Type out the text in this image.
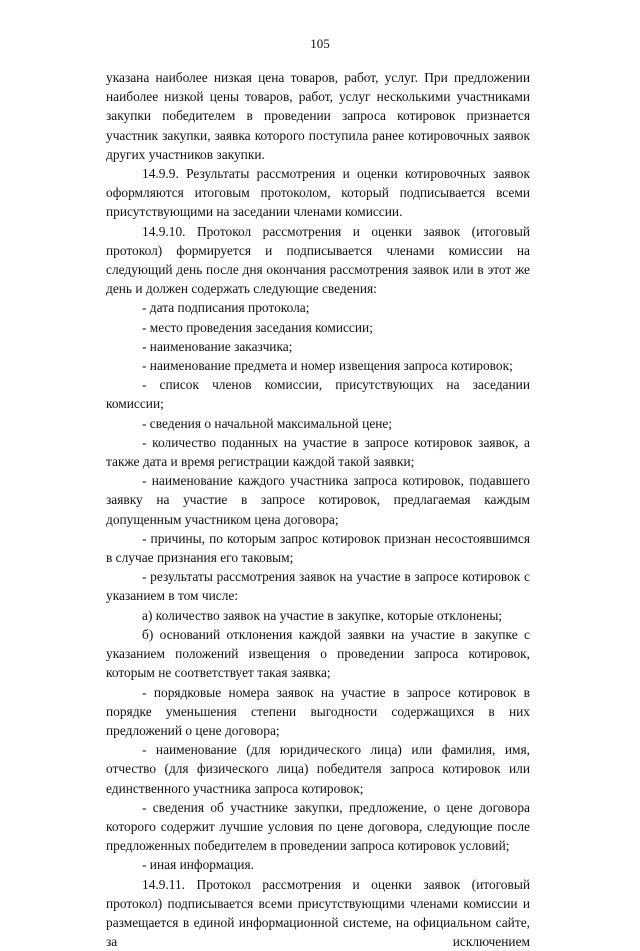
105

указана наиболее низкая цена товаров, работ, услуг. При предложении наиболее низкой цены товаров, работ, услуг несколькими участниками закупки победителем в проведении запроса котировок признается участник закупки, заявка которого поступила ранее котировочных заявок других участников закупки.

14.9.9. Результаты рассмотрения и оценки котировочных заявок оформляются итоговым протоколом, который подписывается всеми присутствующими на заседании членами комиссии.

14.9.10. Протокол рассмотрения и оценки заявок (итоговый протокол) формируется и подписывается членами комиссии на следующий день после дня окончания рассмотрения заявок или в этот же день и должен содержать следующие сведения:

- дата подписания протокола;

- место проведения заседания комиссии;

- наименование заказчика;

- наименование предмета и номер извещения запроса котировок;

- список членов комиссии, присутствующих на заседании комиссии;

- сведения о начальной максимальной цене;

- количество поданных на участие в запросе котировок заявок, а также дата и время регистрации каждой такой заявки;

- наименование каждого участника запроса котировок, подавшего заявку на участие в запросе котировок, предлагаемая каждым допущенным участником цена договора;

- причины, по которым запрос котировок признан несостоявшимся в случае признания его таковым;

- результаты рассмотрения заявок на участие в запросе котировок с указанием в том числе:

а) количество заявок на участие в закупке, которые отклонены;

б) оснований отклонения каждой заявки на участие в закупке с указанием положений извещения о проведении запроса котировок, которым не соответствует такая заявка;

- порядковые номера заявок на участие в запросе котировок в порядке уменьшения степени выгодности содержащихся в них предложений о цене договора;

- наименование (для юридического лица) или фамилия, имя, отчество (для физического лица) победителя запроса котировок или единственного участника запроса котировок;

- сведения об участнике закупки, предложение, о цене договора которого содержит лучшие условия по цене договора, следующие после предложенных победителем в проведении запроса котировок условий;

- иная информация.

14.9.11. Протокол рассмотрения и оценки заявок (итоговый протокол) подписывается всеми присутствующими членами комиссии и размещается в единой информационной системе, на официальном сайте, за исключением
